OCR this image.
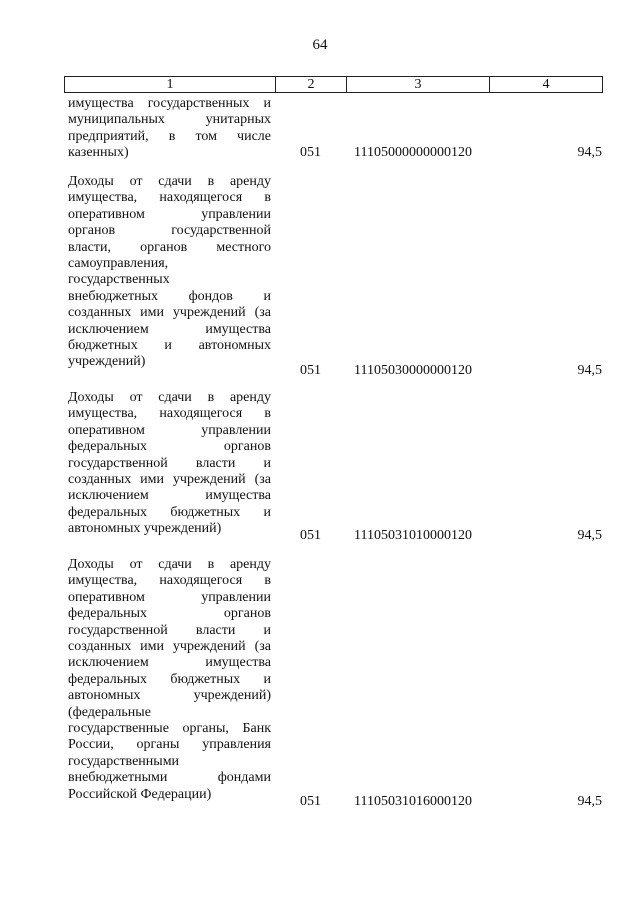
64
1	2	3	4
имущества государственных и
муниципальных унитарных
предприятий, в том числе
казенных)	051	11105000000000120	94,5
Доходы от сдачи в аренду
имущества, находящегося в
оперативном управлении
органов государственной
власти, органов местного
самоуправления,
государственных
внебюджетных фондов и
созданных ими учреждений (за
исключением имущества
бюджетных и автономных
учреждений)
051	11105030000000120	94,5
Доходы от сдачи в аренду
имущества, находящегося в
оперативном управлении
федеральных органов
государственной власти и
созданных ими учреждений (за
исключением имущества
федеральных бюджетных и
автономных учреждений)	051	11105031010000120	94,5
Доходы от сдачи в аренду
имущества, находящегося в
оперативном управлении
федеральных органов
государственной власти и
созданных ими учреждений (за
исключением имущества
федеральных бюджетных и
автономных учреждений)
(федеральные
государственные органы, Банк
России, органы управления
государственными
внебюджетными фондами
Российской Федерации)	051	11105031016000120	94,5
